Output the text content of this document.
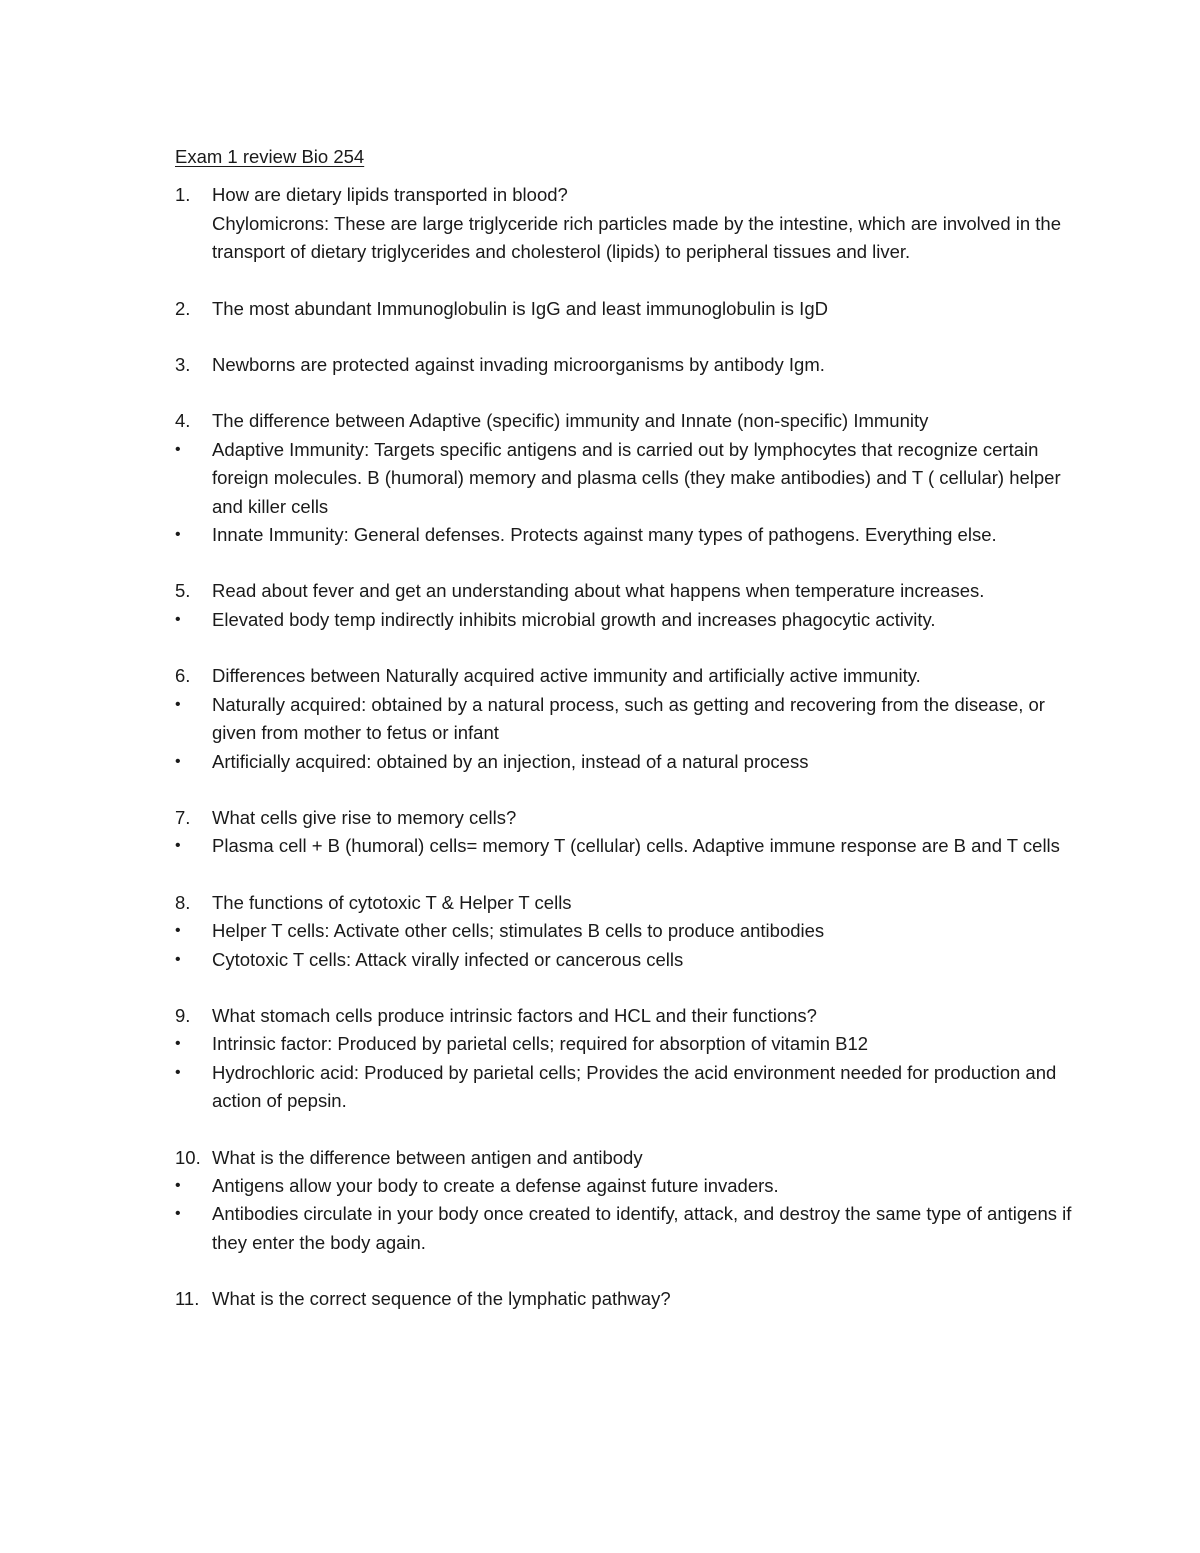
Exam 1 review Bio 254
1.	How are dietary lipids transported in blood?
Chylomicrons: These are large triglyceride rich particles made by the intestine, which are involved in the transport of dietary triglycerides and cholesterol (lipids) to peripheral tissues and liver.
2.	The most abundant Immunoglobulin is IgG and least immunoglobulin is IgD
3.	Newborns are protected against invading microorganisms by antibody Igm.
4.	The difference between Adaptive (specific) immunity and Innate (non-specific) Immunity
•	Adaptive Immunity: Targets specific antigens and is carried out by lymphocytes that recognize certain foreign molecules. B (humoral) memory and plasma cells (they make antibodies) and T ( cellular) helper and killer cells
•	Innate Immunity: General defenses. Protects against many types of pathogens. Everything else.
5.	Read about fever and get an understanding about what happens when temperature increases.
•	Elevated body temp indirectly inhibits microbial growth and increases phagocytic activity.
6.	Differences between Naturally acquired active immunity and artificially active immunity.
•	Naturally acquired: obtained by a natural process, such as getting and recovering from the disease, or given from mother to fetus or infant
•	Artificially acquired: obtained by an injection, instead of a natural process
7.	What cells give rise to memory cells?
•	Plasma cell + B (humoral) cells= memory T (cellular) cells. Adaptive immune response are B and T cells
8.	The functions of cytotoxic T & Helper T cells
•	Helper T cells: Activate other cells; stimulates B cells to produce antibodies
•	Cytotoxic T cells: Attack virally infected or cancerous cells
9.	What stomach cells produce intrinsic factors and HCL and their functions?
•	Intrinsic factor: Produced by parietal cells; required for absorption of vitamin B12
•	Hydrochloric acid: Produced by parietal cells; Provides the acid environment needed for production and action of pepsin.
10. What is the difference between antigen and antibody
•	Antigens allow your body to create a defense against future invaders.
•	Antibodies circulate in your body once created to identify, attack, and destroy the same type of antigens if they enter the body again.
11. What is the correct sequence of the lymphatic pathway?
